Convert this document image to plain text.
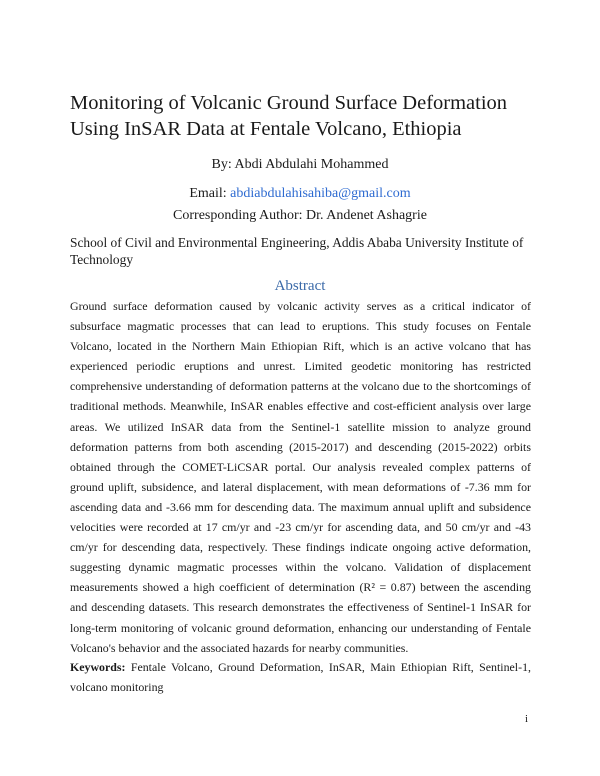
Monitoring of Volcanic Ground Surface Deformation Using InSAR Data at Fentale Volcano, Ethiopia
By: Abdi Abdulahi Mohammed
Email: abdiabdulahisahiba@gmail.com
Corresponding Author: Dr. Andenet Ashagrie
School of Civil and Environmental Engineering, Addis Ababa University Institute of Technology
Abstract

Ground surface deformation caused by volcanic activity serves as a critical indicator of subsurface magmatic processes that can lead to eruptions. This study focuses on Fentale Volcano, located in the Northern Main Ethiopian Rift, which is an active volcano that has experienced periodic eruptions and unrest. Limited geodetic monitoring has restricted comprehensive understanding of deformation patterns at the volcano due to the shortcomings of traditional methods. Meanwhile, InSAR enables effective and cost-efficient analysis over large areas. We utilized InSAR data from the Sentinel-1 satellite mission to analyze ground deformation patterns from both ascending (2015-2017) and descending (2015-2022) orbits obtained through the COMET-LiCSAR portal. Our analysis revealed complex patterns of ground uplift, subsidence, and lateral displacement, with mean deformations of -7.36 mm for ascending data and -3.66 mm for descending data. The maximum annual uplift and subsidence velocities were recorded at 17 cm/yr and -23 cm/yr for ascending data, and 50 cm/yr and -43 cm/yr for descending data, respectively. These findings indicate ongoing active deformation, suggesting dynamic magmatic processes within the volcano. Validation of displacement measurements showed a high coefficient of determination (R² = 0.87) between the ascending and descending datasets. This research demonstrates the effectiveness of Sentinel-1 InSAR for long-term monitoring of volcanic ground deformation, enhancing our understanding of Fentale Volcano's behavior and the associated hazards for nearby communities.

Keywords: Fentale Volcano, Ground Deformation, InSAR, Main Ethiopian Rift, Sentinel-1, volcano monitoring

i
